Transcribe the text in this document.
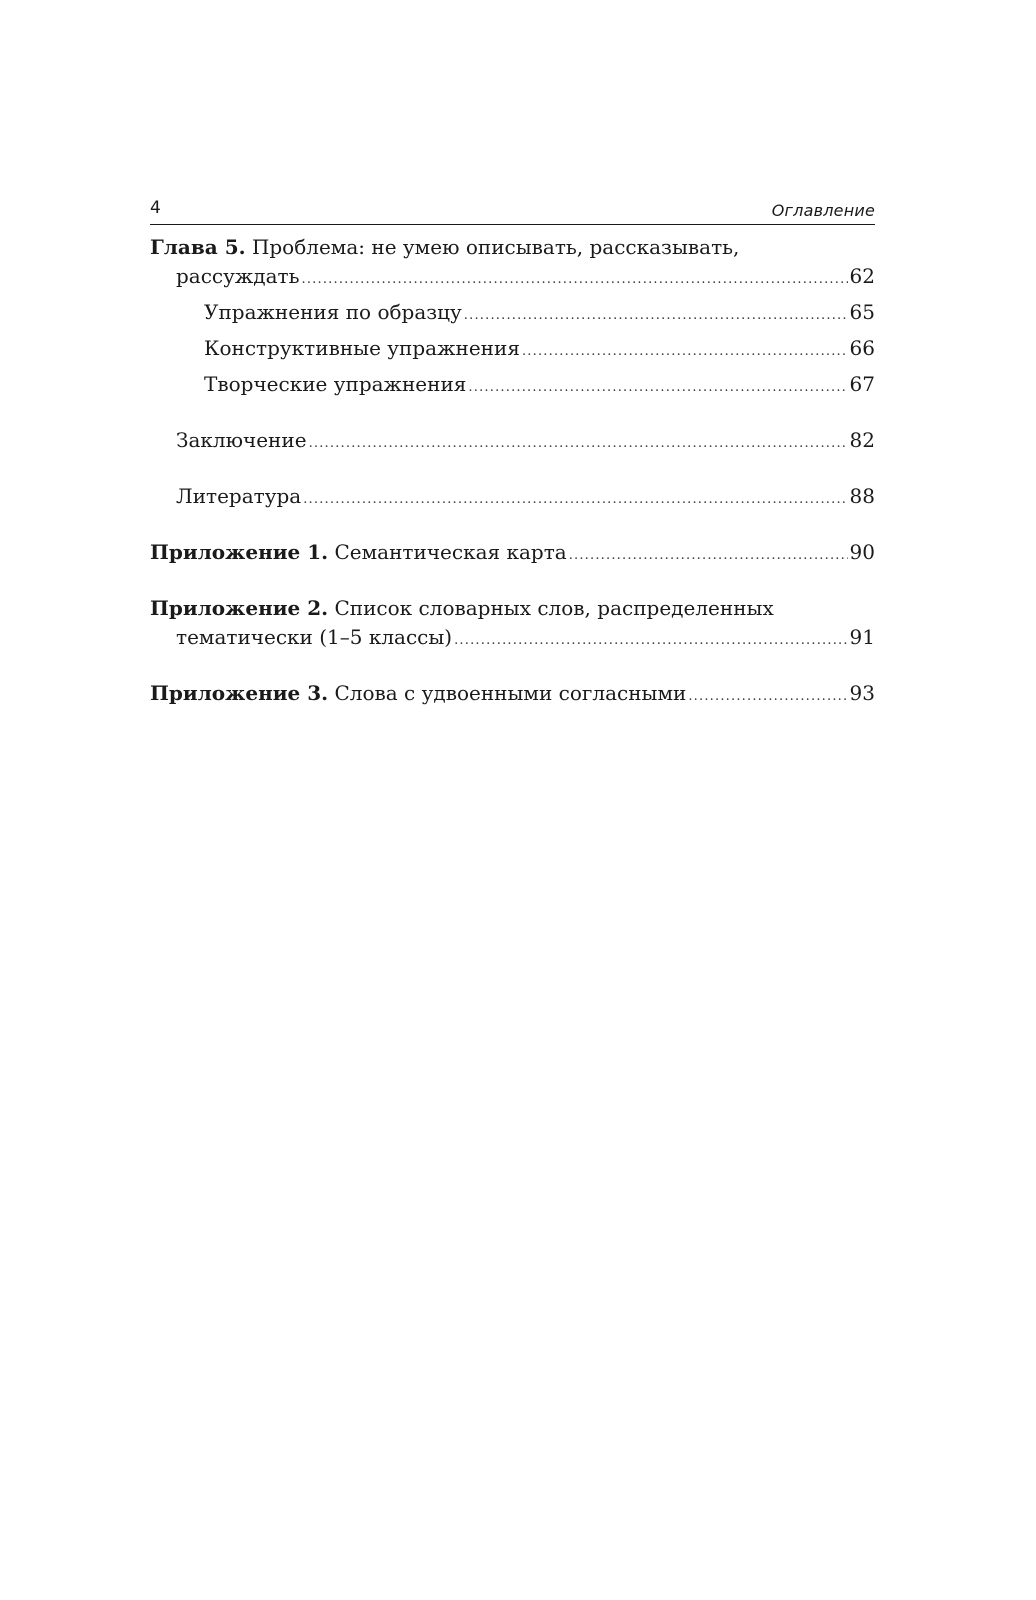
4	Оглавление
Глава 5. Проблема: не умею описывать, рассказывать,
рассуждать .....	62
Упражнения по образцу .....	65
Конструктивные упражнения .....	66
Творческие упражнения .....	67
Заключение .....	82
Литература .....	88
Приложение 1. Семантическая карта .....	90
Приложение 2. Список словарных слов, распределенных
тематически (1–5 классы) .....	91
Приложение 3. Слова с удвоенными согласными .....	93
